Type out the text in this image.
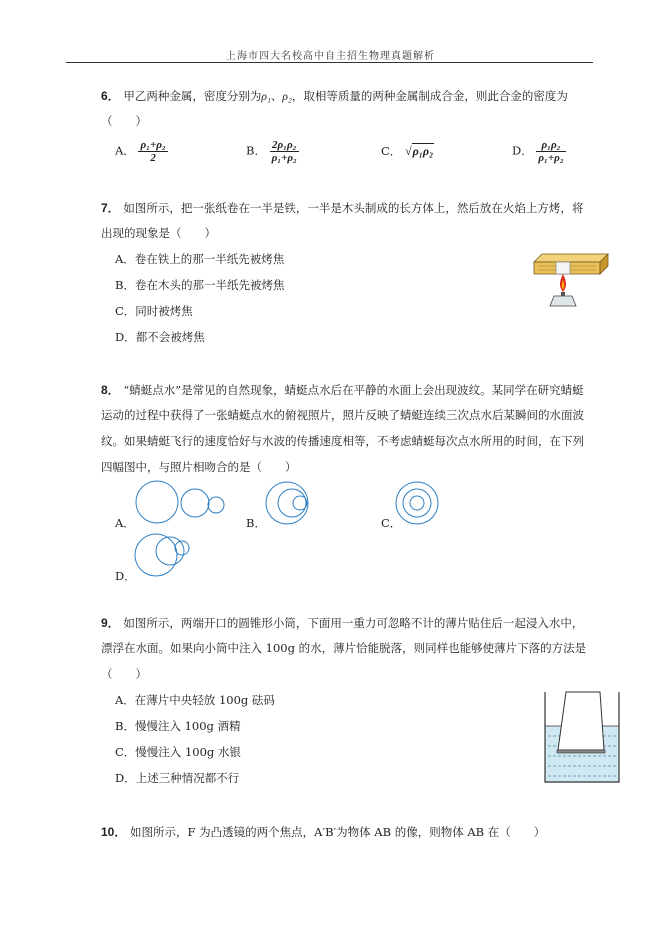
上海市四大名校高中自主招生物理真题解析
6． 甲乙两种金属，密度分别为ρ₁、ρ₂，取相等质量的两种金属制成合金，则此合金的密度为
（　　）
A． $\frac{\text{ρ₁+ρ₂}}{2}$	B． $\frac{\text{2ρ₁ρ₂}}{\text{ρ₁+ρ₂}}$	C． √ρ₁ρ₂	D． $\frac{\text{ρ₁ρ₂}}{\text{ρ₁+ρ₂}}$
7． 如图所示，把一张纸卷在一半是铁，一半是木头制成的长方体上，然后放在火焰上方烤，将
出现的现象是（　　）
A．卷在铁上的那一半纸先被烤焦
B．卷在木头的那一半纸先被烤焦
C．同时被烤焦
D．都不会被烤焦
8． “蜻蜓点水”是常见的自然现象，蜻蜓点水后在平静的水面上会出现波纹。某同学在研究蜻蜓
运动的过程中获得了一张蜻蜓点水的俯视照片，照片反映了蜻蜓连续三次点水后某瞬间的水面波
纹。如果蜻蜓飞行的速度恰好与水波的传播速度相等，不考虑蜻蜓每次点水所用的时间，在下列
四幅图中，与照片相吻合的是（　　）
A．	B．	C．
D．
9． 如图所示，两端开口的圆锥形小筒，下面用一重力可忽略不计的薄片贴住后一起浸入水中，
漂浮在水面。如果向小筒中注入 100g 的水，薄片恰能脱落，则同样也能够使薄片下落的方法是
（　　）
A．在薄片中央轻放 100g 砝码
B．慢慢注入 100g 酒精
C．慢慢注入 100g 水银
D．上述三种情况都不行
10． 如图所示，F 为凸透镜的两个焦点，A′B′为物体 AB 的像，则物体 AB 在（　　）
